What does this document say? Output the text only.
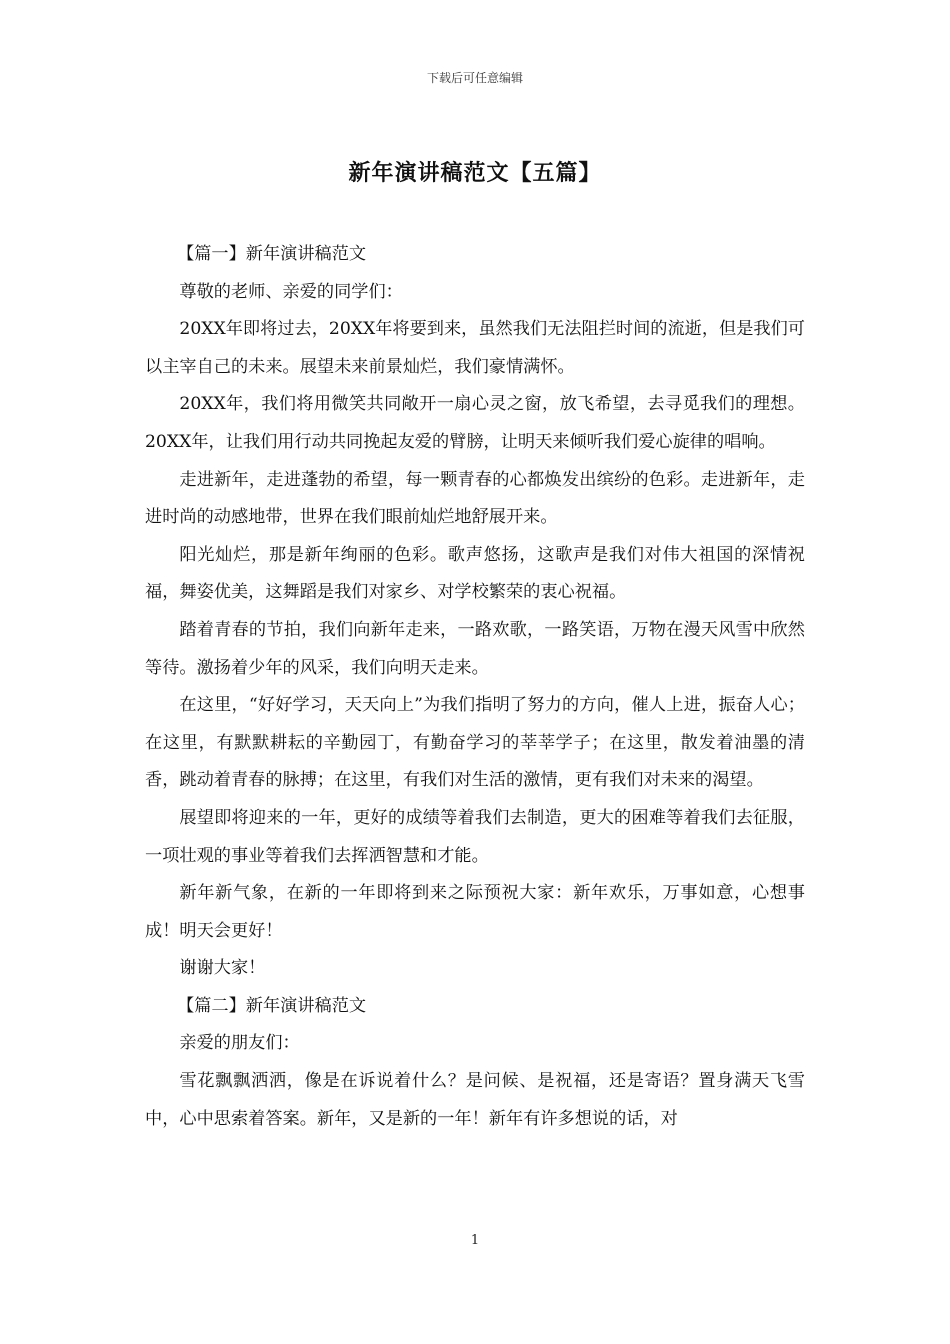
下载后可任意编辑
新年演讲稿范文【五篇】

【篇一】新年演讲稿范文

尊敬的老师、亲爱的同学们：

20XX年即将过去，20XX年将要到来，虽然我们无法阻拦时间的流逝，但是我们可以主宰自己的未来。展望未来前景灿烂，我们豪情满怀。

20XX年，我们将用微笑共同敞开一扇心灵之窗，放飞希望，去寻觅我们的理想。20XX年，让我们用行动共同挽起友爱的臂膀，让明天来倾听我们爱心旋律的唱响。

走进新年，走进蓬勃的希望，每一颗青春的心都焕发出缤纷的色彩。走进新年，走进时尚的动感地带，世界在我们眼前灿烂地舒展开来。

阳光灿烂，那是新年绚丽的色彩。歌声悠扬，这歌声是我们对伟大祖国的深情祝福，舞姿优美，这舞蹈是我们对家乡、对学校繁荣的衷心祝福。

踏着青春的节拍，我们向新年走来，一路欢歌，一路笑语，万物在漫天风雪中欣然等待。激扬着少年的风采，我们向明天走来。

在这里，“好好学习，天天向上”为我们指明了努力的方向，催人上进，振奋人心；在这里，有默默耕耘的辛勤园丁，有勤奋学习的莘莘学子；在这里，散发着油墨的清香，跳动着青春的脉搏；在这里，有我们对生活的激情，更有我们对未来的渴望。

展望即将迎来的一年，更好的成绩等着我们去制造，更大的困难等着我们去征服，一项壮观的事业等着我们去挥洒智慧和才能。

新年新气象，在新的一年即将到来之际预祝大家：新年欢乐，万事如意，心想事成！明天会更好！

谢谢大家！

【篇二】新年演讲稿范文

亲爱的朋友们：

雪花飘飘洒洒，像是在诉说着什么？是问候、是祝福，还是寄语？置身满天飞雪中，心中思索着答案。新年，又是新的一年！新年有许多想说的话，对

1
